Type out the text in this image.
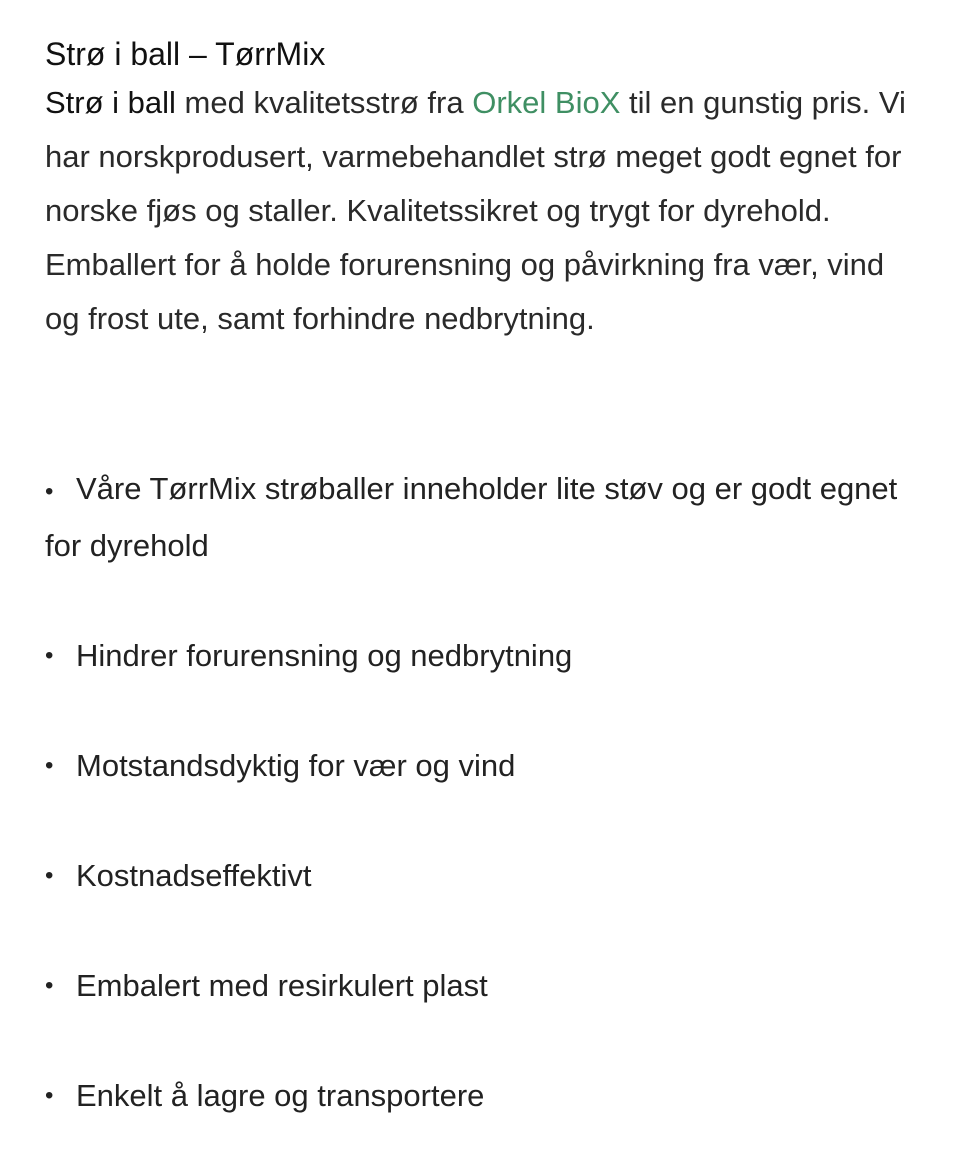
Strø i ball – TørrMix

Strø i ball med kvalitetsstrø fra Orkel BioX til en gunstig pris. Vi har norskprodusert, varmebehandlet strø meget godt egnet for norske fjøs og staller. Kvalitetssikret og trygt for dyrehold. Emballert for å holde forurensning og påvirkning fra vær, vind og frost ute, samt forhindre nedbrytning.

• Våre TørrMix strøballer inneholder lite støv og er godt egnet for dyrehold
• Hindrer forurensning og nedbrytning
• Motstandsdyktig for vær og vind
• Kostnadseffektivt
• Embalert med resirkulert plast
• Enkelt å lagre og transportere
